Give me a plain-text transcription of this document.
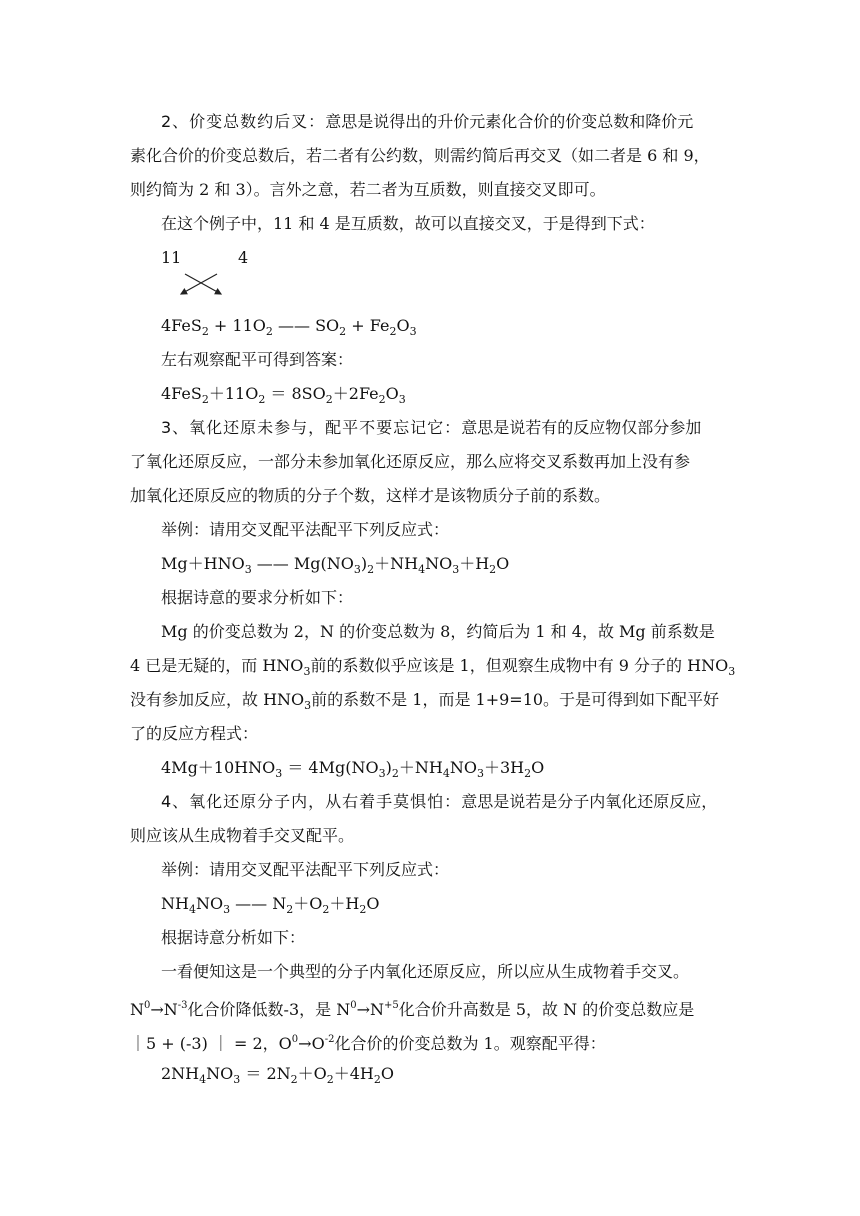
2、价变总数约后叉：意思是说得出的升价元素化合价的价变总数和降价元
素化合价的价变总数后，若二者有公约数，则需约简后再交叉（如二者是 6 和 9，
则约简为 2 和 3）。言外之意，若二者为互质数，则直接交叉即可。
在这个例子中，11 和 4 是互质数，故可以直接交叉，于是得到下式：
11	4
$4FeS_2 + 11O_2$ —— $SO_2 + Fe_2O_3$
左右观察配平可得到答案：
$4FeS_2+11O_2 = 8SO_2+2Fe_2O_3$
3、氧化还原未参与，配平不要忘记它：意思是说若有的反应物仅部分参加
了氧化还原反应，一部分未参加氧化还原反应，那么应将交叉系数再加上没有参
加氧化还原反应的物质的分子个数，这样才是该物质分子前的系数。
举例：请用交叉配平法配平下列反应式：
$Mg+HNO_3$ —— $Mg(NO_3)_2+NH_4NO_3+H_2O$
根据诗意的要求分析如下：
Mg 的价变总数为 2，N 的价变总数为 8，约简后为 1 和 4，故 Mg 前系数是
4 已是无疑的，而 $HNO_3$前的系数似乎应该是 1，但观察生成物中有 9 分子的 $HNO_3$
没有参加反应，故 $HNO_3$前的系数不是 1，而是 1+9=10。于是可得到如下配平好
了的反应方程式：
$4Mg+10HNO_3 = 4Mg(NO_3)_2+NH_4NO_3+3H_2O$
4、氧化还原分子内，从右着手莫惧怕：意思是说若是分子内氧化还原反应，
则应该从生成物着手交叉配平。
举例：请用交叉配平法配平下列反应式：
$NH_4NO_3$ —— $N_2+O_2+H_2O$
根据诗意分析如下：
一看便知这是一个典型的分子内氧化还原反应，所以应从生成物着手交叉。
$N^0\to N^{-3}$化合价降低数-3，是 $N^0\to N^{+5}$化合价升高数是 5，故 N 的价变总数应是
｜5 + (-3) ｜ = 2，$O^0\to O^{-2}$化合价的价变总数为 1。观察配平得：
$2NH_4NO_3 = 2N_2+O_2+4H_2O$
